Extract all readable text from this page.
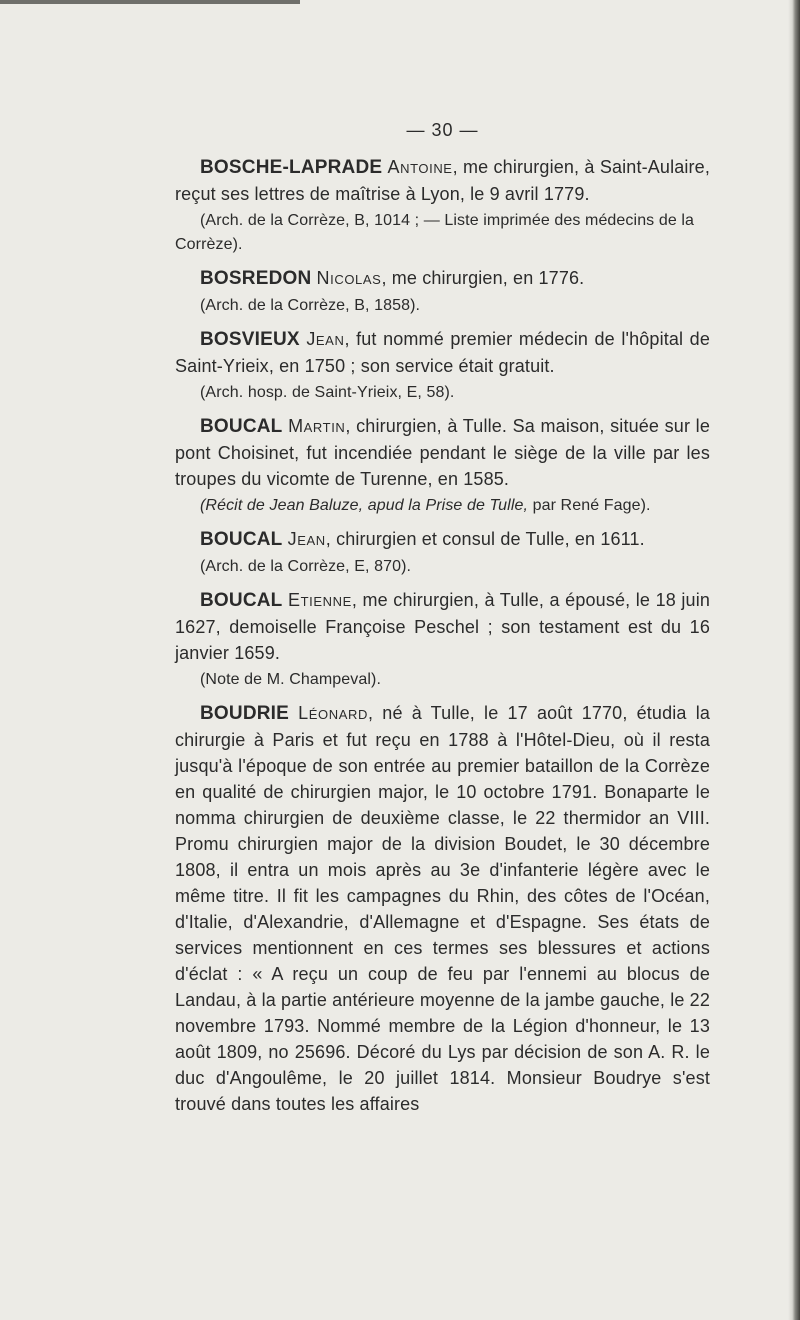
— 30 —

BOSCHE-LAPRADE Antoine, me chirurgien, à Saint-Aulaire, reçut ses lettres de maîtrise à Lyon, le 9 avril 1779.

(Arch. de la Corrèze, B, 1014 ; — Liste imprimée des médecins de la Corrèze).

BOSREDON Nicolas, me chirurgien, en 1776.

(Arch. de la Corrèze, B, 1858).

BOSVIEUX Jean, fut nommé premier médecin de l'hôpital de Saint-Yrieix, en 1750 ; son service était gratuit.

(Arch. hosp. de Saint-Yrieix, E, 58).

BOUCAL Martin, chirurgien, à Tulle. Sa maison, située sur le pont Choisinet, fut incendiée pendant le siège de la ville par les troupes du vicomte de Turenne, en 1585.

(Récit de Jean Baluze, apud la Prise de Tulle, par René Fage).

BOUCAL Jean, chirurgien et consul de Tulle, en 1611.

(Arch. de la Corrèze, E, 870).

BOUCAL Etienne, me chirurgien, à Tulle, a épousé, le 18 juin 1627, demoiselle Françoise Peschel ; son testament est du 16 janvier 1659.

(Note de M. Champeval).

BOUDRIE Léonard, né à Tulle, le 17 août 1770, étudia la chirurgie à Paris et fut reçu en 1788 à l'Hôtel-Dieu, où il resta jusqu'à l'époque de son entrée au premier bataillon de la Corrèze en qualité de chirurgien major, le 10 octobre 1791. Bonaparte le nomma chirurgien de deuxième classe, le 22 thermidor an VIII. Promu chirurgien major de la division Boudet, le 30 décembre 1808, il entra un mois après au 3e d'infanterie légère avec le même titre. Il fit les campagnes du Rhin, des côtes de l'Océan, d'Italie, d'Alexandrie, d'Allemagne et d'Espagne. Ses états de services mentionnent en ces termes ses blessures et actions d'éclat : « A reçu un coup de feu par l'ennemi au blocus de Landau, à la partie antérieure moyenne de la jambe gauche, le 22 novembre 1793. Nommé membre de la Légion d'honneur, le 13 août 1809, no 25696. Décoré du Lys par décision de son A. R. le duc d'Angoulême, le 20 juillet 1814. Monsieur Boudrye s'est trouvé dans toutes les affaires
